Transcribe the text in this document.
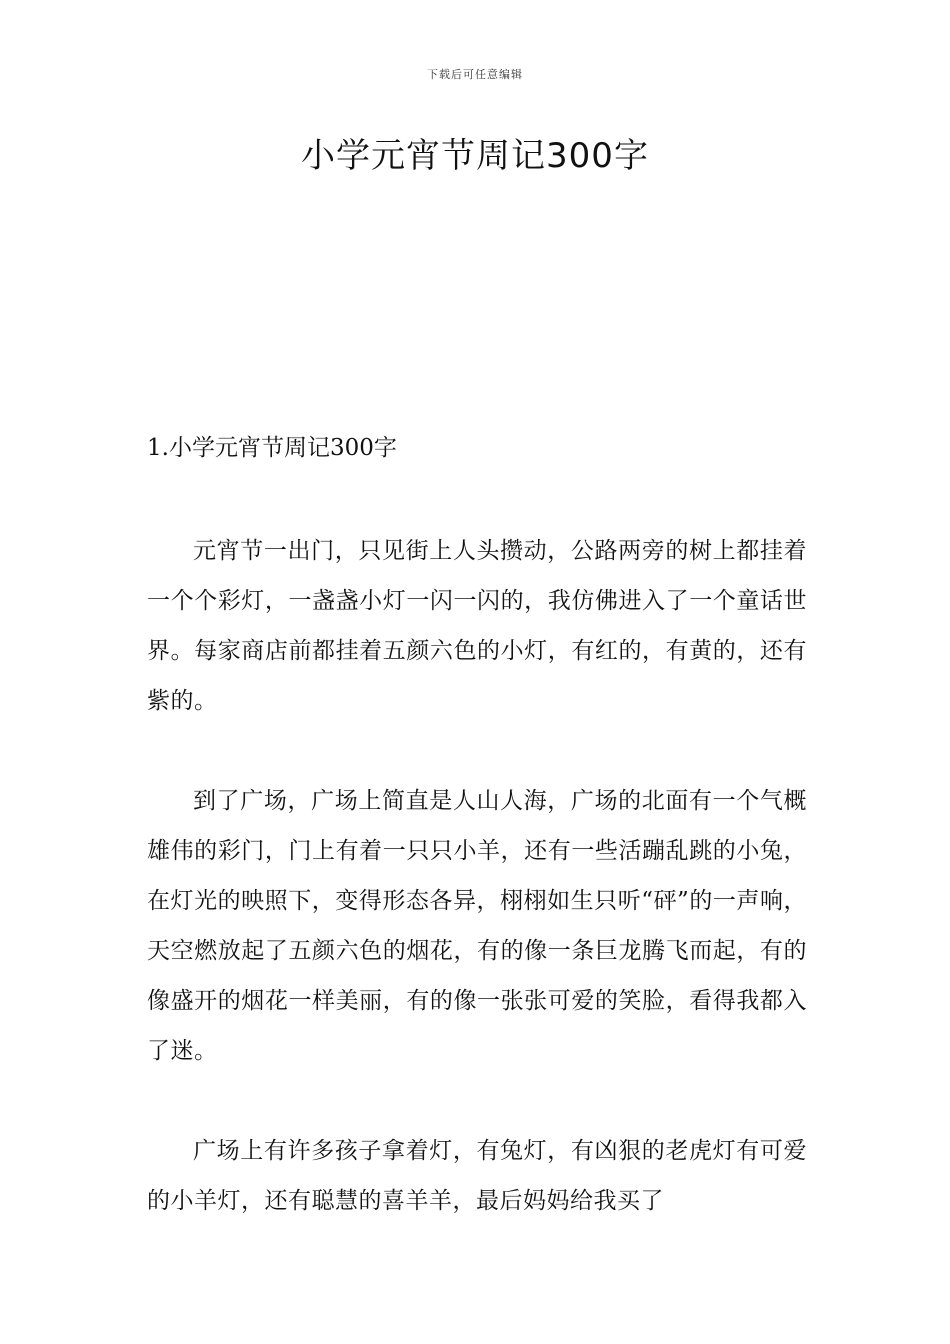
下载后可任意编辑
小学元宵节周记300字
1.小学元宵节周记300字

元宵节一出门，只见街上人头攒动，公路两旁的树上都挂着一个个彩灯，一盏盏小灯一闪一闪的，我仿佛进入了一个童话世界。每家商店前都挂着五颜六色的小灯，有红的，有黄的，还有紫的。

到了广场，广场上简直是人山人海，广场的北面有一个气概雄伟的彩门，门上有着一只只小羊，还有一些活蹦乱跳的小兔，在灯光的映照下，变得形态各异，栩栩如生只听“砰”的一声响，天空燃放起了五颜六色的烟花，有的像一条巨龙腾飞而起，有的像盛开的烟花一样美丽，有的像一张张可爱的笑脸，看得我都入了迷。

广场上有许多孩子拿着灯，有兔灯，有凶狠的老虎灯有可爱的小羊灯，还有聪慧的喜羊羊，最后妈妈给我买了
